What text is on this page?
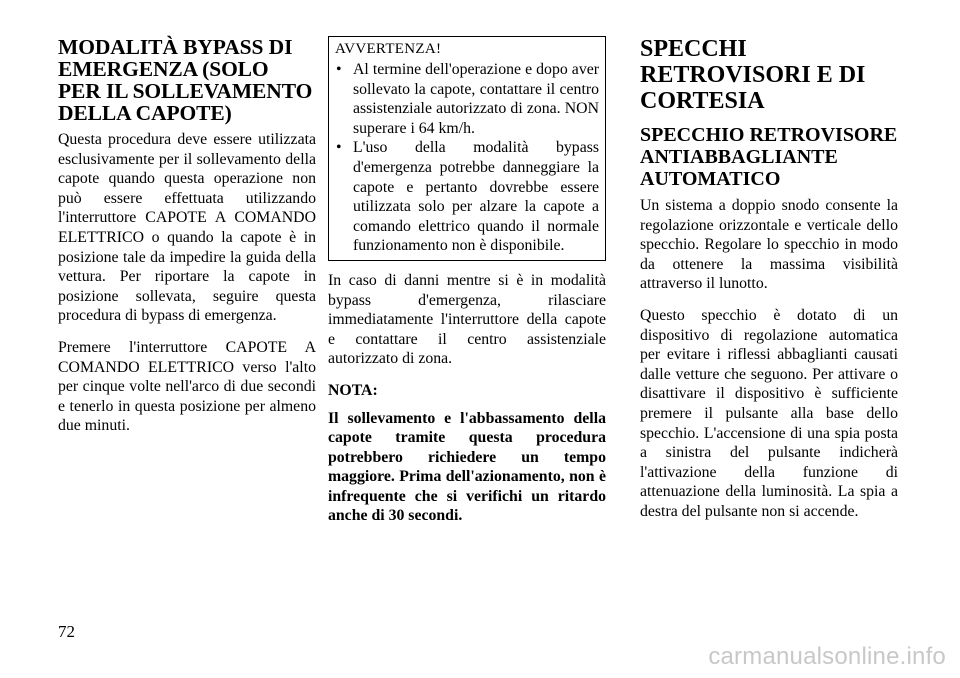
MODALITÀ BYPASS DI EMERGENZA (SOLO PER IL SOLLEVAMENTO DELLA CAPOTE)

Questa procedura deve essere utilizzata esclusivamente per il sollevamento della capote quando questa operazione non può essere effettuata utilizzando l'interruttore CAPOTE A COMANDO ELETTRICO o quando la capote è in posizione tale da impedire la guida della vettura. Per riportare la capote in posizione sollevata, seguire questa procedura di bypass di emergenza.

Premere l'interruttore CAPOTE A COMANDO ELETTRICO verso l'alto per cinque volte nell'arco di due secondi e tenerlo in questa posizione per almeno due minuti.

AVVERTENZA!
• Al termine dell'operazione e dopo aver sollevato la capote, contattare il centro assistenziale autorizzato di zona. NON superare i 64 km/h.
• L'uso della modalità bypass d'emergenza potrebbe danneggiare la capote e pertanto dovrebbe essere utilizzata solo per alzare la capote a comando elettrico quando il normale funzionamento non è disponibile.

In caso di danni mentre si è in modalità bypass d'emergenza, rilasciare immediatamente l'interruttore della capote e contattare il centro assistenziale autorizzato di zona.

NOTA:

Il sollevamento e l'abbassamento della capote tramite questa procedura potrebbero richiedere un tempo maggiore. Prima dell'azionamento, non è infrequente che si verifichi un ritardo anche di 30 secondi.

SPECCHI RETROVISORI E DI CORTESIA
SPECCHIO RETROVISORE ANTIABBAGLIANTE AUTOMATICO

Un sistema a doppio snodo consente la regolazione orizzontale e verticale dello specchio. Regolare lo specchio in modo da ottenere la massima visibilità attraverso il lunotto.

Questo specchio è dotato di un dispositivo di regolazione automatica per evitare i riflessi abbaglianti causati dalle vetture che seguono. Per attivare o disattivare il dispositivo è sufficiente premere il pulsante alla base dello specchio. L'accensione di una spia posta a sinistra del pulsante indicherà l'attivazione della funzione di attenuazione della luminosità. La spia a destra del pulsante non si accende.

72
carmanualsonline.info
